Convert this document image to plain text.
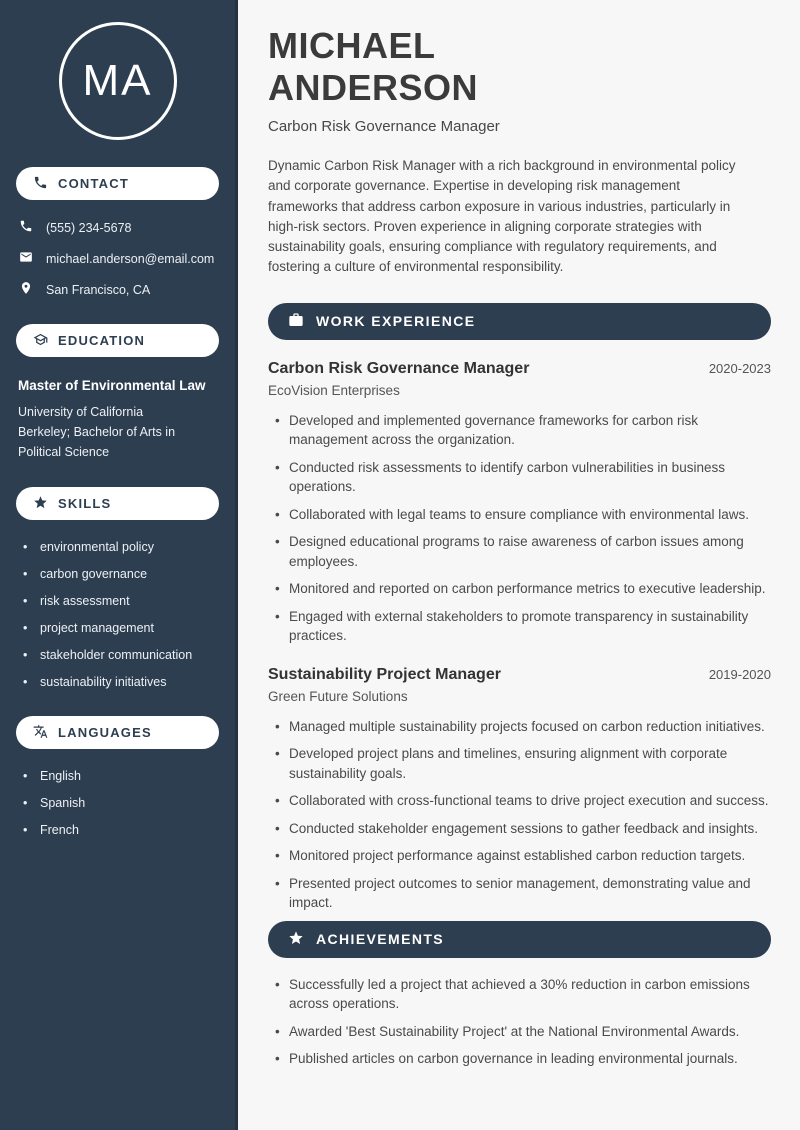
MA
CONTACT
(555) 234-5678
michael.anderson@email.com
San Francisco, CA
EDUCATION
Master of Environmental Law
University of California
Berkeley; Bachelor of Arts in Political Science
SKILLS
• environmental policy
• carbon governance
• risk assessment
• project management
• stakeholder communication
• sustainability initiatives
LANGUAGES
• English
• Spanish
• French
MICHAEL
ANDERSON
Carbon Risk Governance Manager

Dynamic Carbon Risk Manager with a rich background in environmental policy and corporate governance. Expertise in developing risk management frameworks that address carbon exposure in various industries, particularly in high-risk sectors. Proven experience in aligning corporate strategies with sustainability goals, ensuring compliance with regulatory requirements, and fostering a culture of environmental responsibility.

WORK EXPERIENCE
Carbon Risk Governance Manager	2020-2023
EcoVision Enterprises
• Developed and implemented governance frameworks for carbon risk management across the organization.
• Conducted risk assessments to identify carbon vulnerabilities in business operations.
• Collaborated with legal teams to ensure compliance with environmental laws.
• Designed educational programs to raise awareness of carbon issues among employees.
• Monitored and reported on carbon performance metrics to executive leadership.
• Engaged with external stakeholders to promote transparency in sustainability practices.
Sustainability Project Manager	2019-2020
Green Future Solutions
• Managed multiple sustainability projects focused on carbon reduction initiatives.
• Developed project plans and timelines, ensuring alignment with corporate sustainability goals.
• Collaborated with cross-functional teams to drive project execution and success.
• Conducted stakeholder engagement sessions to gather feedback and insights.
• Monitored project performance against established carbon reduction targets.
• Presented project outcomes to senior management, demonstrating value and impact.
ACHIEVEMENTS
• Successfully led a project that achieved a 30% reduction in carbon emissions across operations.
• Awarded 'Best Sustainability Project' at the National Environmental Awards.
• Published articles on carbon governance in leading environmental journals.
